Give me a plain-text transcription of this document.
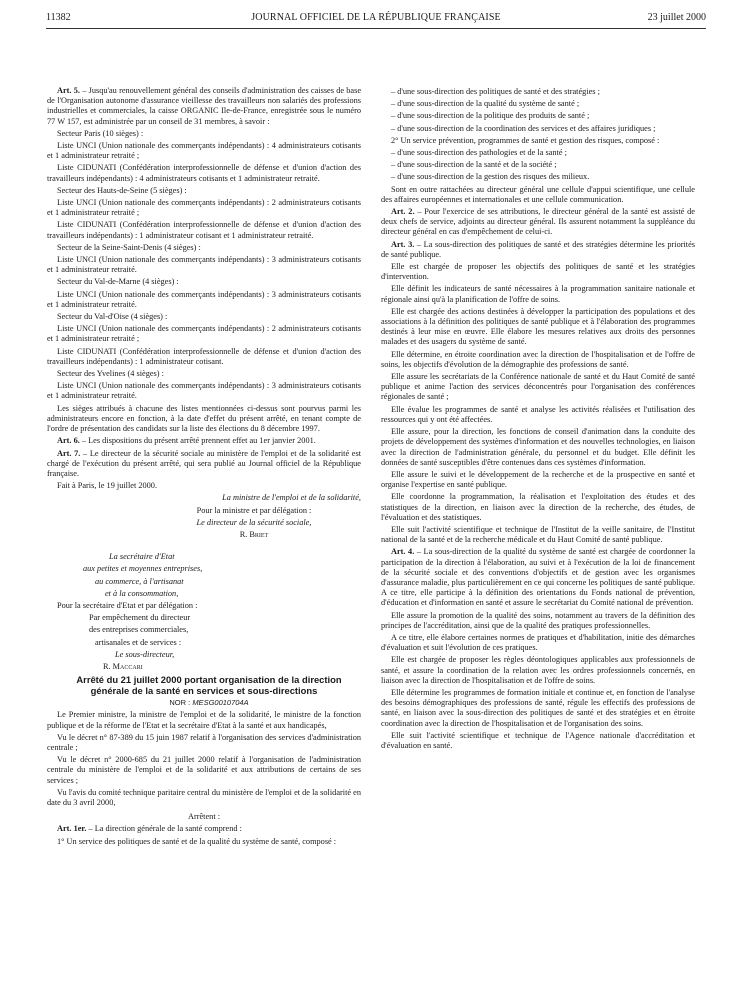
11382	JOURNAL OFFICIEL DE LA RÉPUBLIQUE FRANÇAISE	23 juillet 2000

Art. 5. – Jusqu'au renouvellement général des conseils d'administration des caisses de base de l'Organisation autonome d'assurance vieillesse des travailleurs non salariés des professions industrielles et commerciales, la caisse ORGANIC Ile-de-France, enregistrée sous le numéro 77 W 157, est administrée par un conseil de 31 membres, à savoir :

Secteur Paris (10 sièges) :

Liste UNCI (Union nationale des commerçants indépendants) : 4 administrateurs cotisants et 1 administrateur retraité ;

Liste CIDUNATI (Confédération interprofessionnelle de défense et d'union d'action des travailleurs indépendants) : 4 administrateurs cotisants et 1 administrateur retraité.

Secteur des Hauts-de-Seine (5 sièges) :

Liste UNCI (Union nationale des commerçants indépendants) : 2 administrateurs cotisants et 1 administrateur retraité ;

Liste CIDUNATI (Confédération interprofessionnelle de défense et d'union d'action des travailleurs indépendants) : 1 administrateur cotisant et 1 administrateur retraité.

Secteur de la Seine-Saint-Denis (4 sièges) :

Liste UNCI (Union nationale des commerçants indépendants) : 3 administrateurs cotisants et 1 administrateur retraité.

Secteur du Val-de-Marne (4 sièges) :

Liste UNCI (Union nationale des commerçants indépendants) : 3 administrateurs cotisants et 1 administrateur retraité.

Secteur du Val-d'Oise (4 sièges) :

Liste UNCI (Union nationale des commerçants indépendants) : 2 administrateurs cotisants et 1 administrateur retraité ;

Liste CIDUNATI (Confédération interprofessionnelle de défense et d'union d'action des travailleurs indépendants) : 1 administrateur cotisant.

Secteur des Yvelines (4 sièges) :

Liste UNCI (Union nationale des commerçants indépendants) : 3 administrateurs cotisants et 1 administrateur retraité.

Les sièges attribués à chacune des listes mentionnées ci-dessus sont pourvus parmi les administrateurs encore en fonction, à la date d'effet du présent arrêté, en tenant compte de l'ordre de présentation des candidats sur la liste des élections du 8 décembre 1997.

Art. 6. – Les dispositions du présent arrêté prennent effet au 1er janvier 2001.

Art. 7. – Le directeur de la sécurité sociale au ministère de l'emploi et de la solidarité est chargé de l'exécution du présent arrêté, qui sera publié au Journal officiel de la République française.

Fait à Paris, le 19 juillet 2000.

La ministre de l'emploi et de la solidarité,

Pour la ministre et par délégation :

Le directeur de la sécurité sociale,

R. Briet

La secrétaire d'Etat

aux petites et moyennes entreprises,

au commerce, à l'artisanat

et à la consommation,

Pour la secrétaire d'Etat et par délégation :

Par empêchement du directeur

des entreprises commerciales,

artisanales et de services :

Le sous-directeur,

R. Maccari

Arrêté du 21 juillet 2000 portant organisation de la direction générale de la santé en services et sous-directions

NOR : MESG0010704A

Le Premier ministre, la ministre de l'emploi et de la solidarité, le ministre de la fonction publique et de la réforme de l'Etat et la secrétaire d'Etat à la santé et aux handicapés,

Vu le décret n° 87-389 du 15 juin 1987 relatif à l'organisation des services d'administration centrale ;

Vu le décret n° 2000-685 du 21 juillet 2000 relatif à l'organisation de l'administration centrale du ministère de l'emploi et de la solidarité et aux attributions de certains de ses services ;

Vu l'avis du comité technique paritaire central du ministère de l'emploi et de la solidarité en date du 3 avril 2000,

Arrêtent :

Art. 1er. – La direction générale de la santé comprend :

1° Un service des politiques de santé et de la qualité du système de santé, composé :

– d'une sous-direction des politiques de santé et des stratégies ;

– d'une sous-direction de la qualité du système de santé ;

– d'une sous-direction de la politique des produits de santé ;

– d'une sous-direction de la coordination des services et des affaires juridiques ;

2° Un service prévention, programmes de santé et gestion des risques, composé :

– d'une sous-direction des pathologies et de la santé ;

– d'une sous-direction de la santé et de la société ;

– d'une sous-direction de la gestion des risques des milieux.

Sont en outre rattachées au directeur général une cellule d'appui scientifique, une cellule des affaires européennes et internationales et une cellule communication.

Art. 2. – Pour l'exercice de ses attributions, le directeur général de la santé est assisté de deux chefs de service, adjoints au directeur général. Ils assurent notamment la suppléance du directeur général en cas d'empêchement de celui-ci.

Art. 3. – La sous-direction des politiques de santé et des stratégies détermine les priorités de santé publique.

Elle est chargée de proposer les objectifs des politiques de santé et les stratégies d'intervention.

Elle définit les indicateurs de santé nécessaires à la programmation sanitaire nationale et régionale ainsi qu'à la planification de l'offre de soins.

Elle est chargée des actions destinées à développer la participation des populations et des associations à la définition des politiques de santé publique et à l'élaboration des programmes destinés à leur mise en œuvre. Elle élabore les mesures relatives aux droits des personnes malades et des usagers du système de santé.

Elle détermine, en étroite coordination avec la direction de l'hospitalisation et de l'offre de soins, les objectifs d'évolution de la démographie des professions de santé.

Elle assure les secrétariats de la Conférence nationale de santé et du Haut Comité de santé publique et anime l'action des services déconcentrés pour l'organisation des conférences régionales de santé ;

Elle évalue les programmes de santé et analyse les activités réalisées et l'utilisation des ressources qui y ont été affectées.

Elle assure, pour la direction, les fonctions de conseil d'animation dans la conduite des projets de développement des systèmes d'information et des nouvelles technologies, en liaison avec la direction de l'administration générale, du personnel et du budget. Elle définit les données de santé susceptibles d'être contenues dans ces systèmes d'information.

Elle assure le suivi et le développement de la recherche et de la prospective en santé et organise l'expertise en santé publique.

Elle coordonne la programmation, la réalisation et l'exploitation des études et des statistiques de la direction, en liaison avec la direction de la recherche, des études, de l'évaluation et des statistiques.

Elle suit l'activité scientifique et technique de l'Institut de la veille sanitaire, de l'Institut national de la santé et de la recherche médicale et du Haut Comité de santé publique.

Art. 4. – La sous-direction de la qualité du système de santé est chargée de coordonner la participation de la direction à l'élaboration, au suivi et à l'exécution de la loi de financement de la sécurité sociale et des conventions d'objectifs et de gestion avec les organismes d'assurance maladie, plus particulièrement en ce qui concerne les politiques de santé publique. A ce titre, elle participe à la définition des orientations du Fonds national de prévention, d'éducation et d'information en santé et assure le secrétariat du Comité national de prévention.

Elle assure la promotion de la qualité des soins, notamment au travers de la définition des principes de l'accréditation, ainsi que de la qualité des pratiques professionnelles.

A ce titre, elle élabore certaines normes de pratiques et d'habilitation, initie des démarches d'évaluation et suit l'évolution de ces pratiques.

Elle est chargée de proposer les règles déontologiques applicables aux professionnels de santé, et assure la coordination de la relation avec les ordres professionnels concernés, en liaison avec la direction de l'hospitalisation et de l'offre de soins.

Elle détermine les programmes de formation initiale et continue et, en fonction de l'analyse des besoins démographiques des professions de santé, régule les effectifs des professions de santé, en liaison avec la sous-direction des politiques de santé et des stratégies et en étroite coordination avec la direction de l'hospitalisation et de l'organisation des soins.

Elle suit l'activité scientifique et technique de l'Agence nationale d'accréditation et d'évaluation en santé.
